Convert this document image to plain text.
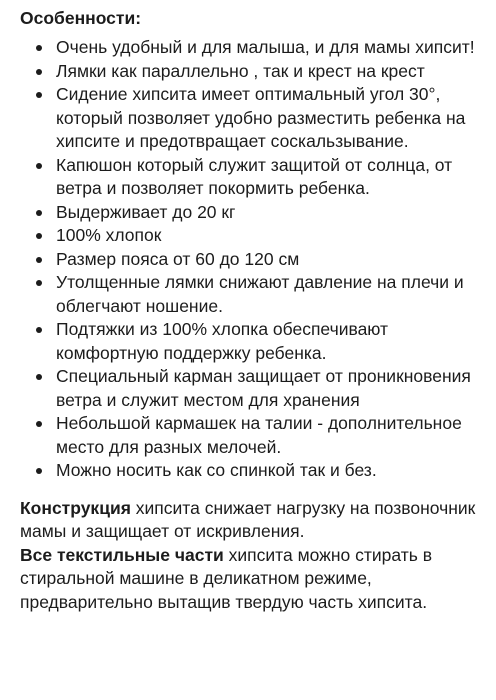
Особенности:
Очень удобный и для малыша, и для мамы хипсит!
Лямки как параллельно , так и крест на крест
Сидение хипсита имеет оптимальный угол 30°, который позволяет удобно разместить ребенка на хипсите и предотвращает соскальзывание.
Капюшон который служит защитой от солнца, от ветра и позволяет покормить ребенка.
Выдерживает до 20 кг
100% хлопок
Размер пояса от 60 до 120 см
Утолщенные лямки снижают давление на плечи и облегчают ношение.
Подтяжки из 100% хлопка обеспечивают комфортную поддержку ребенка.
Специальный карман защищает от проникновения ветра и служит местом для хранения
Небольшой кармашек на талии - дополнительное место для разных мелочей.
Можно носить как со спинкой так и без.
Конструкция хипсита снижает нагрузку на позвоночник мамы и защищает от искривления.
Все текстильные части хипсита можно стирать в стиральной машине в деликатном режиме, предварительно вытащив твердую часть хипсита.
